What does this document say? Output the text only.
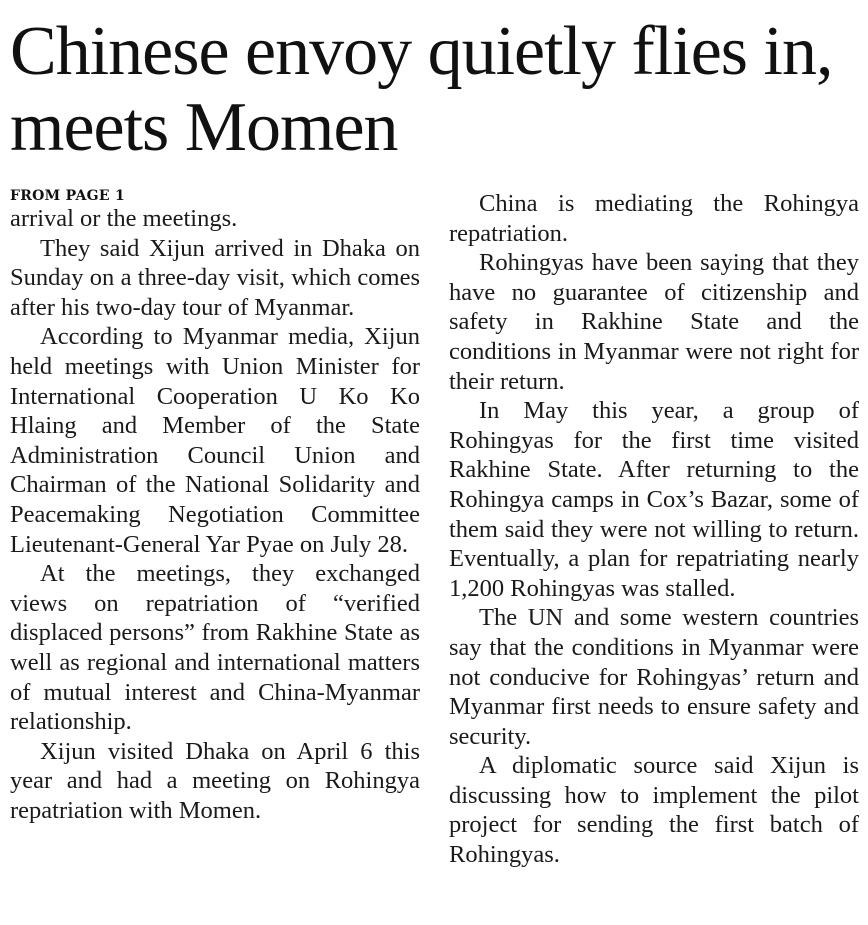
Chinese envoy quietly flies in, meets Momen
FROM PAGE 1

arrival or the meetings.

They said Xijun arrived in Dhaka on Sunday on a three-day visit, which comes after his two-day tour of Myanmar.

According to Myanmar media, Xijun held meetings with Union Minister for International Cooperation U Ko Ko Hlaing and Member of the State Administration Council Union and Chairman of the National Solidarity and Peacemaking Negotiation Committee Lieutenant-General Yar Pyae on July 28.

At the meetings, they exchanged views on repatriation of “verified displaced persons” from Rakhine State as well as regional and international matters of mutual interest and China-Myanmar relationship.

Xijun visited Dhaka on April 6 this year and had a meeting on Rohingya repatriation with Momen.

China is mediating the Rohingya repatriation.

Rohingyas have been saying that they have no guarantee of citizenship and safety in Rakhine State and the conditions in Myanmar were not right for their return.

In May this year, a group of Rohingyas for the first time visited Rakhine State. After returning to the Rohingya camps in Cox’s Bazar, some of them said they were not willing to return. Eventually, a plan for repatriating nearly 1,200 Rohingyas was stalled.

The UN and some western countries say that the conditions in Myanmar were not conducive for Rohingyas’ return and Myanmar first needs to ensure safety and security.

A diplomatic source said Xijun is discussing how to implement the pilot project for sending the first batch of Rohingyas.
